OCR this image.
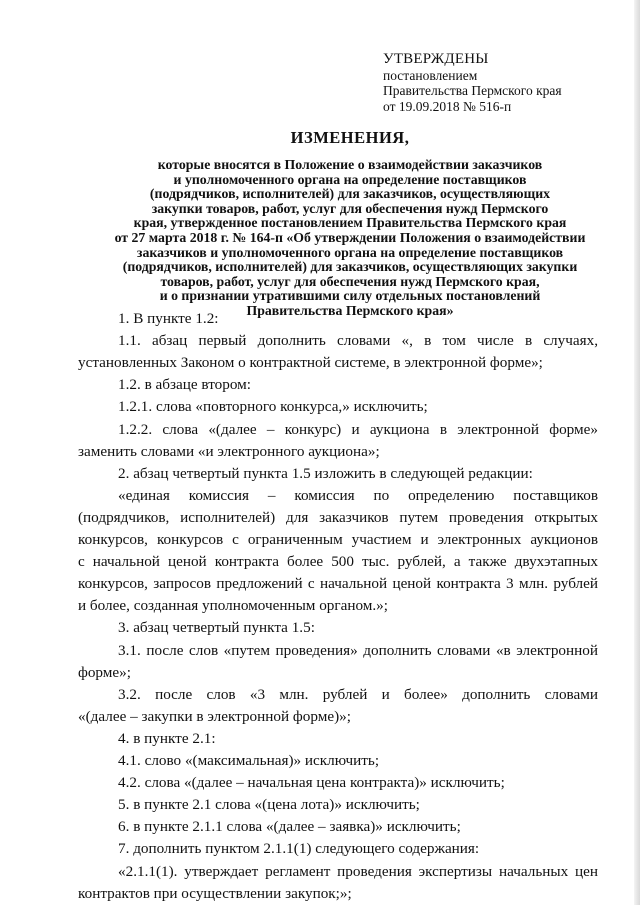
УТВЕРЖДЕНЫ
постановлением
Правительства Пермского края
от 19.09.2018 № 516-п
ИЗМЕНЕНИЯ,
которые вносятся в Положение о взаимодействии заказчиков
и уполномоченного органа на определение поставщиков
(подрядчиков, исполнителей) для заказчиков, осуществляющих
закупки товаров, работ, услуг для обеспечения нужд Пермского
края, утвержденное постановлением Правительства Пермского края
от 27 марта 2018 г. № 164-п «Об утверждении Положения о взаимодействии
заказчиков и уполномоченного органа на определение поставщиков
(подрядчиков, исполнителей) для заказчиков, осуществляющих закупки
товаров, работ, услуг для обеспечения нужд Пермского края,
и о признании утратившими силу отдельных постановлений
Правительства Пермского края»
1. В пункте 1.2:
1.1. абзац первый дополнить словами «, в том числе в случаях,
установленных Законом о контрактной системе, в электронной форме»;
1.2. в абзаце втором:
1.2.1. слова «повторного конкурса,» исключить;
1.2.2. слова «(далее – конкурс) и аукциона в электронной форме»
заменить словами «и электронного аукциона»;
2. абзац четвертый пункта 1.5 изложить в следующей редакции:
«единая комиссия – комиссия по определению поставщиков
(подрядчиков, исполнителей) для заказчиков путем проведения открытых
конкурсов, конкурсов с ограниченным участием и электронных аукционов
с начальной ценой контракта более 500 тыс. рублей, а также двухэтапных
конкурсов, запросов предложений с начальной ценой контракта 3 млн. рублей
и более, созданная уполномоченным органом.»;
3. абзац четвертый пункта 1.5:
3.1. после слов «путем проведения» дополнить словами «в электронной
форме»;
3.2. после слов «3 млн. рублей и более» дополнить словами
«(далее – закупки в электронной форме)»;
4. в пункте 2.1:
4.1. слово «(максимальная)» исключить;
4.2. слова «(далее – начальная цена контракта)» исключить;
5. в пункте 2.1 слова «(цена лота)» исключить;
6. в пункте 2.1.1 слова «(далее – заявка)» исключить;
7. дополнить пунктом 2.1.1(1) следующего содержания:
«2.1.1(1). утверждает регламент проведения экспертизы начальных цен
контрактов при осуществлении закупок;»;
